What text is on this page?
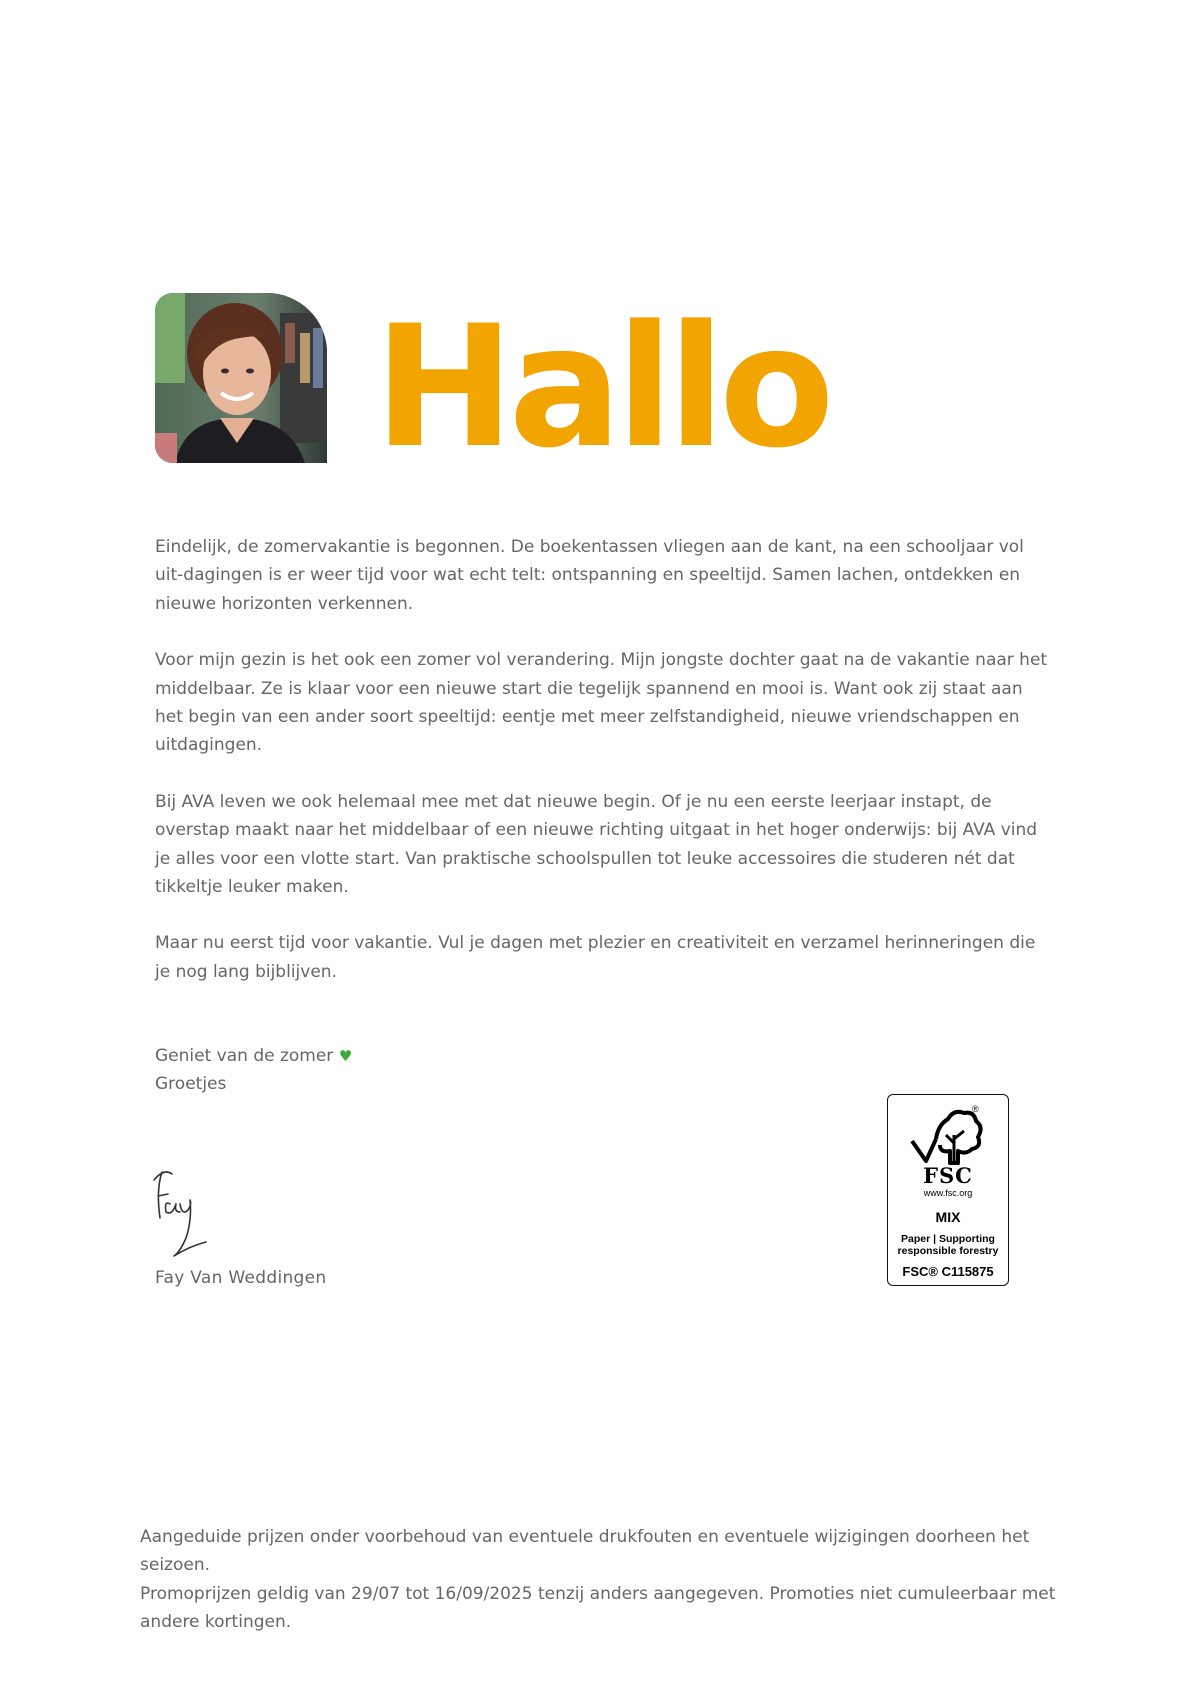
Hallo

Eindelijk, de zomervakantie is begonnen. De boekentassen vliegen aan de kant, na een schooljaar vol uit-dagingen is er weer tijd voor wat echt telt: ontspanning en speeltijd. Samen lachen, ontdekken en nieuwe horizonten verkennen.

Voor mijn gezin is het ook een zomer vol verandering. Mijn jongste dochter gaat na de vakantie naar het middelbaar. Ze is klaar voor een nieuwe start die tegelijk spannend en mooi is. Want ook zij staat aan het begin van een ander soort speeltijd: eentje met meer zelfstandigheid, nieuwe vriendschappen en uitdagingen.

Bij AVA leven we ook helemaal mee met dat nieuwe begin. Of je nu een eerste leerjaar instapt, de overstap maakt naar het middelbaar of een nieuwe richting uitgaat in het hoger onderwijs: bij AVA vind je alles voor een vlotte start. Van praktische schoolspullen tot leuke accessoires die studeren nét dat tikkeltje leuker maken.

Maar nu eerst tijd voor vakantie. Vul je dagen met plezier en creativiteit en verzamel herinneringen die je nog lang bijblijven.

Geniet van de zomer ♥
Groetjes
Fay Van Weddingen
®
FSC
www.fsc.org
MIX
Paper | Supporting
responsible forestry
FSC® C115875
Aangeduide prijzen onder voorbehoud van eventuele drukfouten en eventuele wijzigingen doorheen het seizoen.
Promoprijzen geldig van 29/07 tot 16/09/2025 tenzij anders aangegeven. Promoties niet cumuleerbaar met andere kortingen.
